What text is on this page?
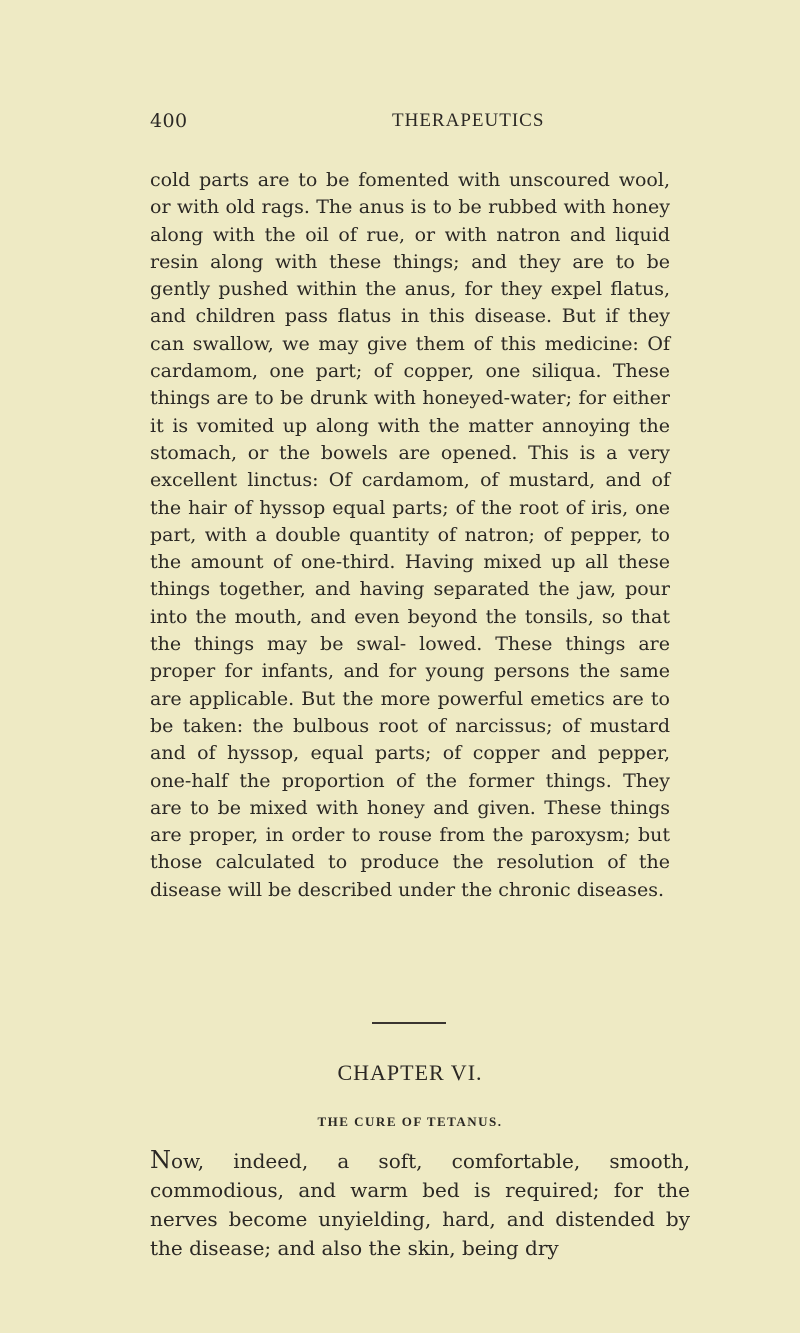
400	THERAPEUTICS

cold parts are to be fomented with unscoured wool, or with old rags. The anus is to be rubbed with honey along with the oil of rue, or with natron and liquid resin along with these things; and they are to be gently pushed within the anus, for they expel flatus, and children pass flatus in this disease. But if they can swallow, we may give them of this medicine: Of cardamom, one part; of copper, one siliqua. These things are to be drunk with honeyed-water; for either it is vomited up along with the matter annoying the stomach, or the bowels are opened. This is a very excellent linctus: Of cardamom, of mustard, and of the hair of hyssop equal parts; of the root of iris, one part, with a double quantity of natron; of pepper, to the amount of one-third. Having mixed up all these things together, and having separated the jaw, pour into the mouth, and even beyond the tonsils, so that the things may be swal- lowed. These things are proper for infants, and for young persons the same are applicable. But the more powerful emetics are to be taken: the bulbous root of narcissus; of mustard and of hyssop, equal parts; of copper and pepper, one-half the proportion of the former things. They are to be mixed with honey and given. These things are proper, in order to rouse from the paroxysm; but those calculated to produce the resolution of the disease will be described under the chronic diseases.

CHAPTER VI.
THE CURE OF TETANUS.

Now, indeed, a soft, comfortable, smooth, commodious, and warm bed is required; for the nerves become unyielding, hard, and distended by the disease; and also the skin, being dry
